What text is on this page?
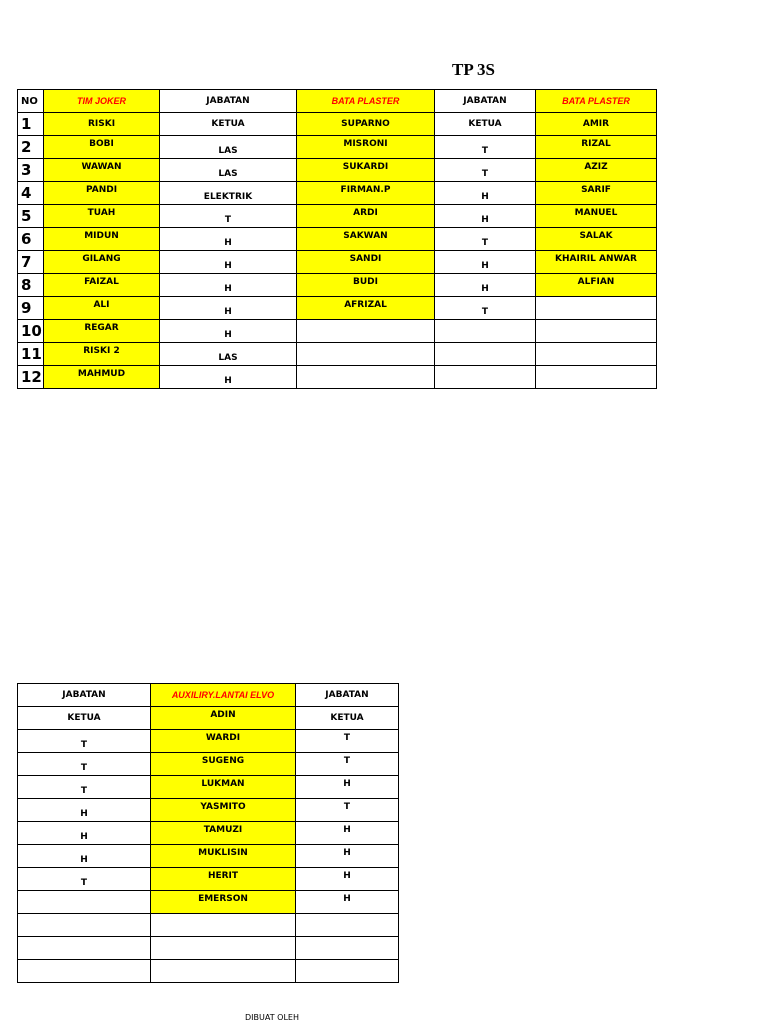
TP 3S
NO	TIM JOKER	JABATAN	BATA PLASTER	JABATAN	BATA PLASTER
1	RISKI	KETUA	SUPARNO	KETUA	AMIR
2	BOBI	LAS	MISRONI	T	RIZAL
3	WAWAN	LAS	SUKARDI	T	AZIZ
4	PANDI	ELEKTRIK	FIRMAN.P	H	SARIF
5	TUAH	T	ARDI	H	MANUEL
6	MIDUN	H	SAKWAN	T	SALAK
7	GILANG	H	SANDI	H	KHAIRIL ANWAR
8	FAIZAL	H	BUDI	H	ALFIAN
9	ALI	H	AFRIZAL	T	
10	REGAR	H			
11	RISKI 2	LAS			
12	MAHMUD	H			
JABATAN	AUXILIRY.LANTAI ELVO	JABATAN
KETUA	ADIN	KETUA
T	WARDI	T
T	SUGENG	T
T	LUKMAN	H
H	YASMITO	T
H	TAMUZI	H
H	MUKLISIN	H
T	HERIT	H
	EMERSON	H

DIBUAT OLEH
